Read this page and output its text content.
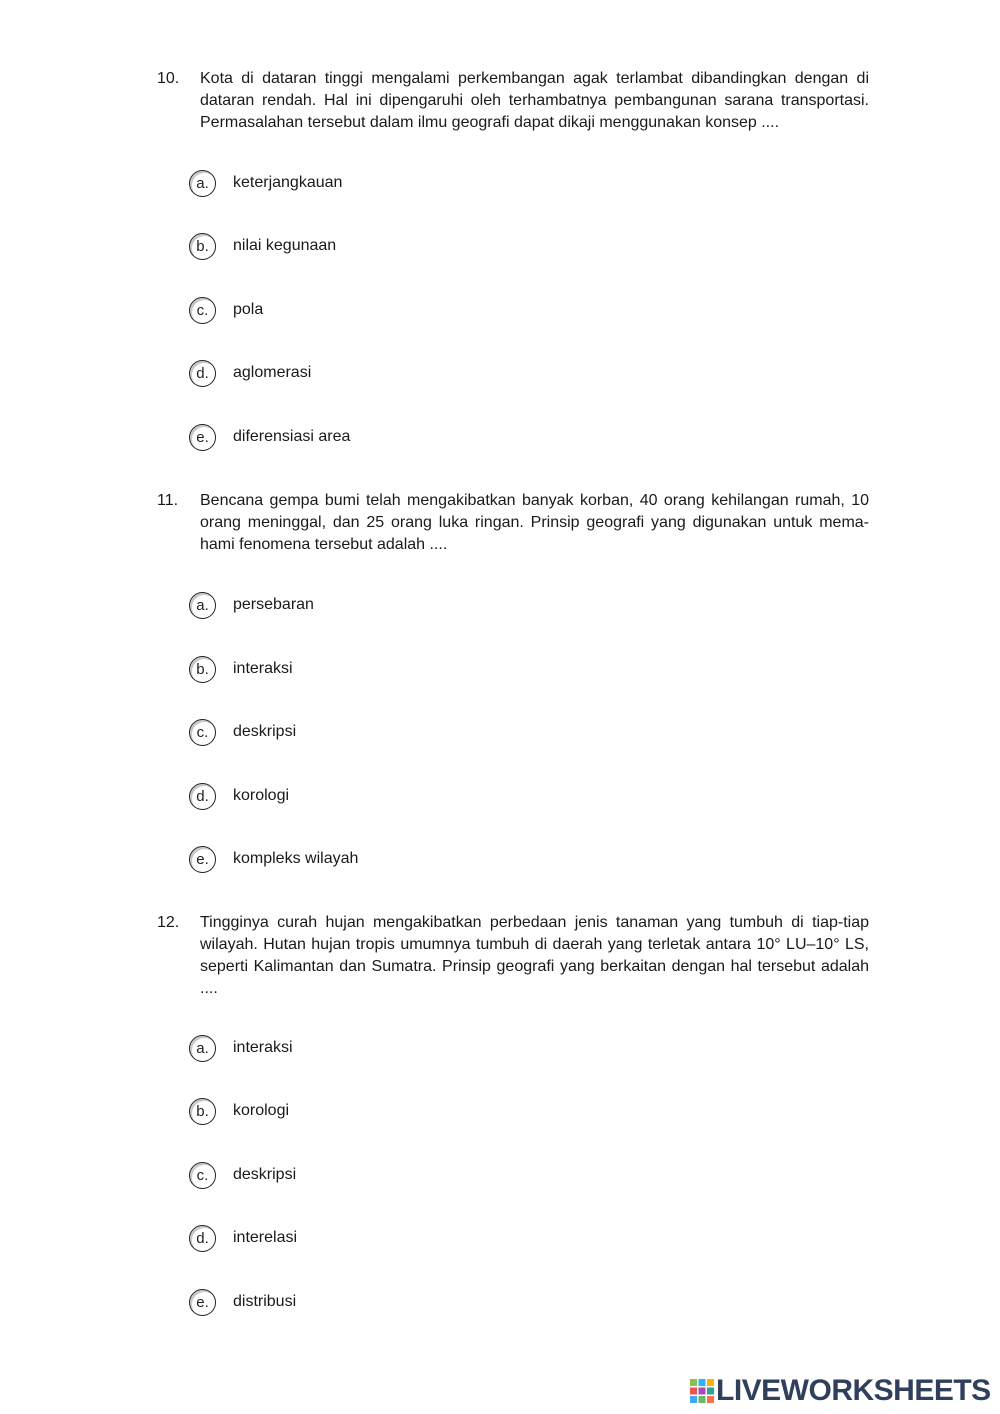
10. Kota di dataran tinggi mengalami perkembangan agak terlambat dibandingkan dengan di dataran rendah. Hal ini dipengaruhi oleh terhambatnya pembangunan sarana transportasi. Permasalahan tersebut dalam ilmu geografi dapat dikaji menggunakan konsep ....
a.	keterjangkauan
b.	nilai kegunaan
c.	pola
d.	aglomerasi
e.	diferensiasi area
11. Bencana gempa bumi telah mengakibatkan banyak korban, 40 orang kehilangan rumah, 10 orang meninggal, dan 25 orang luka ringan. Prinsip geografi yang digunakan untuk mema-hami fenomena tersebut adalah ....
a.	persebaran
b.	interaksi
c.	deskripsi
d.	korologi
e.	kompleks wilayah
12. Tingginya curah hujan mengakibatkan perbedaan jenis tanaman yang tumbuh di tiap-tiap wilayah. Hutan hujan tropis umumnya tumbuh di daerah yang terletak antara 10° LU–10° LS, seperti Kalimantan dan Sumatra. Prinsip geografi yang berkaitan dengan hal tersebut adalah ....
a.	interaksi
b.	korologi
c.	deskripsi
d.	interelasi
e.	distribusi
LIVEWORKSHEETS
